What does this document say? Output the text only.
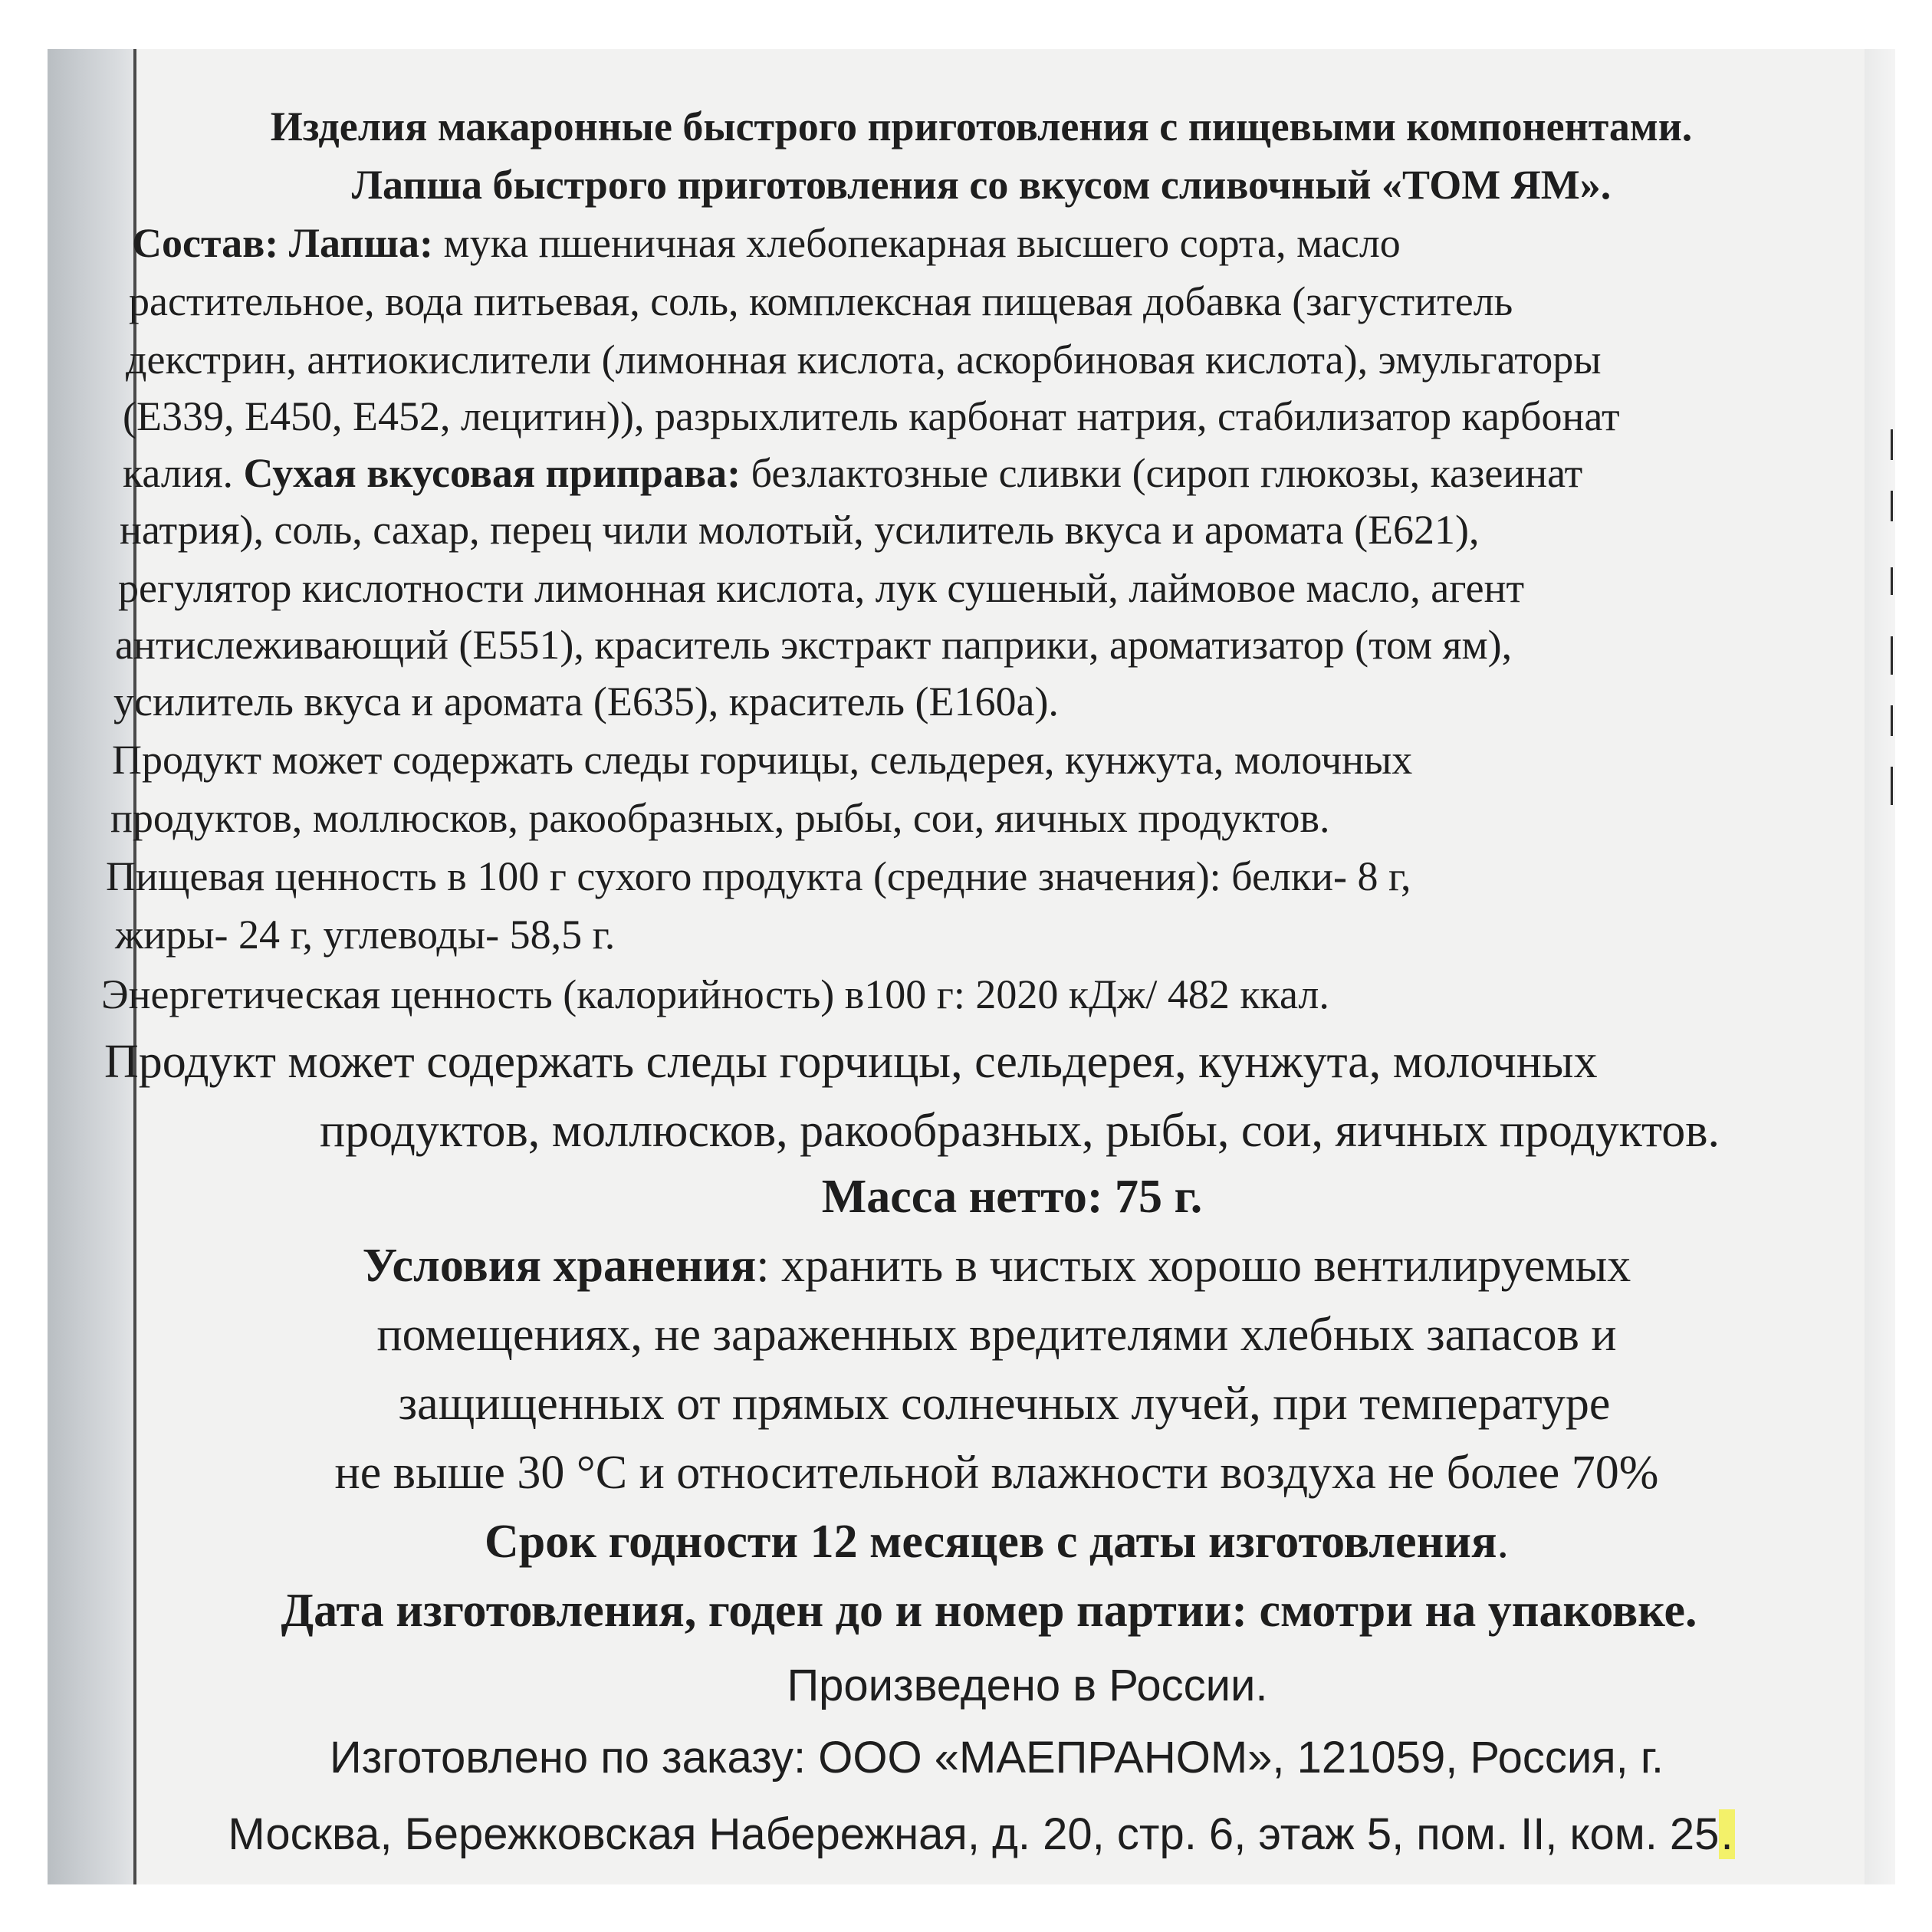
Изделия макаронные быстрого приготовления с пищевыми компонентами.
Лапша быстрого приготовления со вкусом сливочный «ТОМ ЯМ».
Состав: Лапша: мука пшеничная хлебопекарная высшего сорта, масло
растительное, вода питьевая, соль, комплексная пищевая добавка (загуститель
декстрин, антиокислители (лимонная кислота, аскорбиновая кислота), эмульгаторы
(Е339, Е450, Е452, лецитин)), разрыхлитель карбонат натрия, стабилизатор карбонат
калия. Сухая вкусовая приправа: безлактозные сливки (сироп глюкозы, казеинат
натрия), соль, сахар, перец чили молотый, усилитель вкуса и аромата (Е621),
регулятор кислотности лимонная кислота, лук сушеный, лаймовое масло, агент
антислеживающий (Е551), краситель экстракт паприки, ароматизатор (том ям),
усилитель вкуса и аромата (Е635), краситель (Е160а).
Продукт может содержать следы горчицы, сельдерея, кунжута, молочных
продуктов, моллюсков, ракообразных, рыбы, сои, яичных продуктов.
Пищевая ценность в 100 г сухого продукта (средние значения): белки- 8 г,
жиры- 24 г, углеводы- 58,5 г.
Энергетическая ценность (калорийность) в100 г: 2020 кДж/ 482 ккал.
Продукт может содержать следы горчицы, сельдерея, кунжута, молочных
продуктов, моллюсков, ракообразных, рыбы, сои, яичных продуктов.
Масса нетто: 75 г.
Условия хранения: хранить в чистых хорошо вентилируемых
помещениях, не зараженных вредителями хлебных запасов и
защищенных от прямых солнечных лучей, при температуре
не выше 30 °С и относительной влажности воздуха не более 70%
Срок годности 12 месяцев с даты изготовления.
Дата изготовления, годен до и номер партии: смотри на упаковке.
Произведено в России.
Изготовлено по заказу: ООО «МАЕПРАНОМ», 121059, Россия, г.
Москва, Бережковская Набережная, д. 20, стр. 6, этаж 5, пом. II, ком. 25.
